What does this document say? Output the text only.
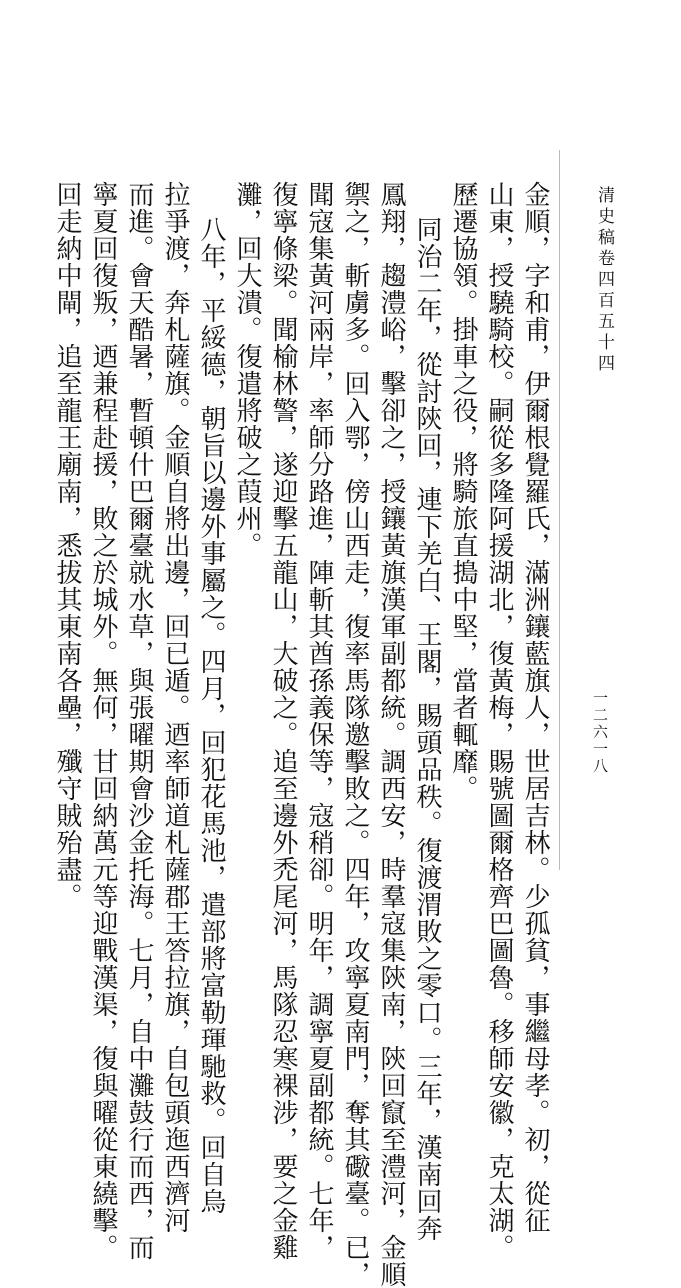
清史稿卷四百五十四
一二六一八
金順，字和甫，伊爾根覺羅氏，滿洲鑲藍旗人，世居吉林。少孤貧，事繼母孝。初，從征
山東，授驍騎校。嗣從多隆阿援湖北，復黃梅，賜號圖爾格齊巴圖魯。移師安徽，克太湖。
歷遷協領。掛車之役，將騎旅直搗中堅，當者輒靡。
同治二年，從討陝回，連下羌白、王閣，賜頭品秩。復渡渭敗之零口。三年，漢南回奔
鳳翔，趨澧峪，擊卻之，授鑲黃旗漢軍副都統。調西安，時羣寇集陝南，陝回竄至澧河，金順
禦之，斬虜多。回入鄂，傍山西走，復率馬隊邀擊敗之。四年，攻寧夏南門，奪其礮臺。已，
聞寇集黃河兩岸，率師分路進，陣斬其酋孫義保等，寇稍卻。明年，調寧夏副都統。七年，
復寧條梁。聞榆林警，遂迎擊五龍山，大破之。追至邊外禿尾河，馬隊忍寒裸涉，要之金雞
灘，回大潰。復遣將破之葭州。
八年，平綏德，朝旨以邊外事屬之。四月，回犯花馬池，遣部將富勒琿馳救。回自烏
拉爭渡，奔札薩旗。金順自將出邊，回已遁。迺率師道札薩郡王答拉旗，自包頭迤西濟河
而進。會天酷暑，暫頓什巴爾臺就水草，與張曜期會沙金托海。七月，自中灘鼓行而西，而
寧夏回復叛，迺兼程赴援，敗之於城外。無何，甘回納萬元等迎戰漢渠，復與曜從東繞擊。
回走納中閘，追至龍王廟南，悉拔其東南各壘，殲守賊殆盡。
